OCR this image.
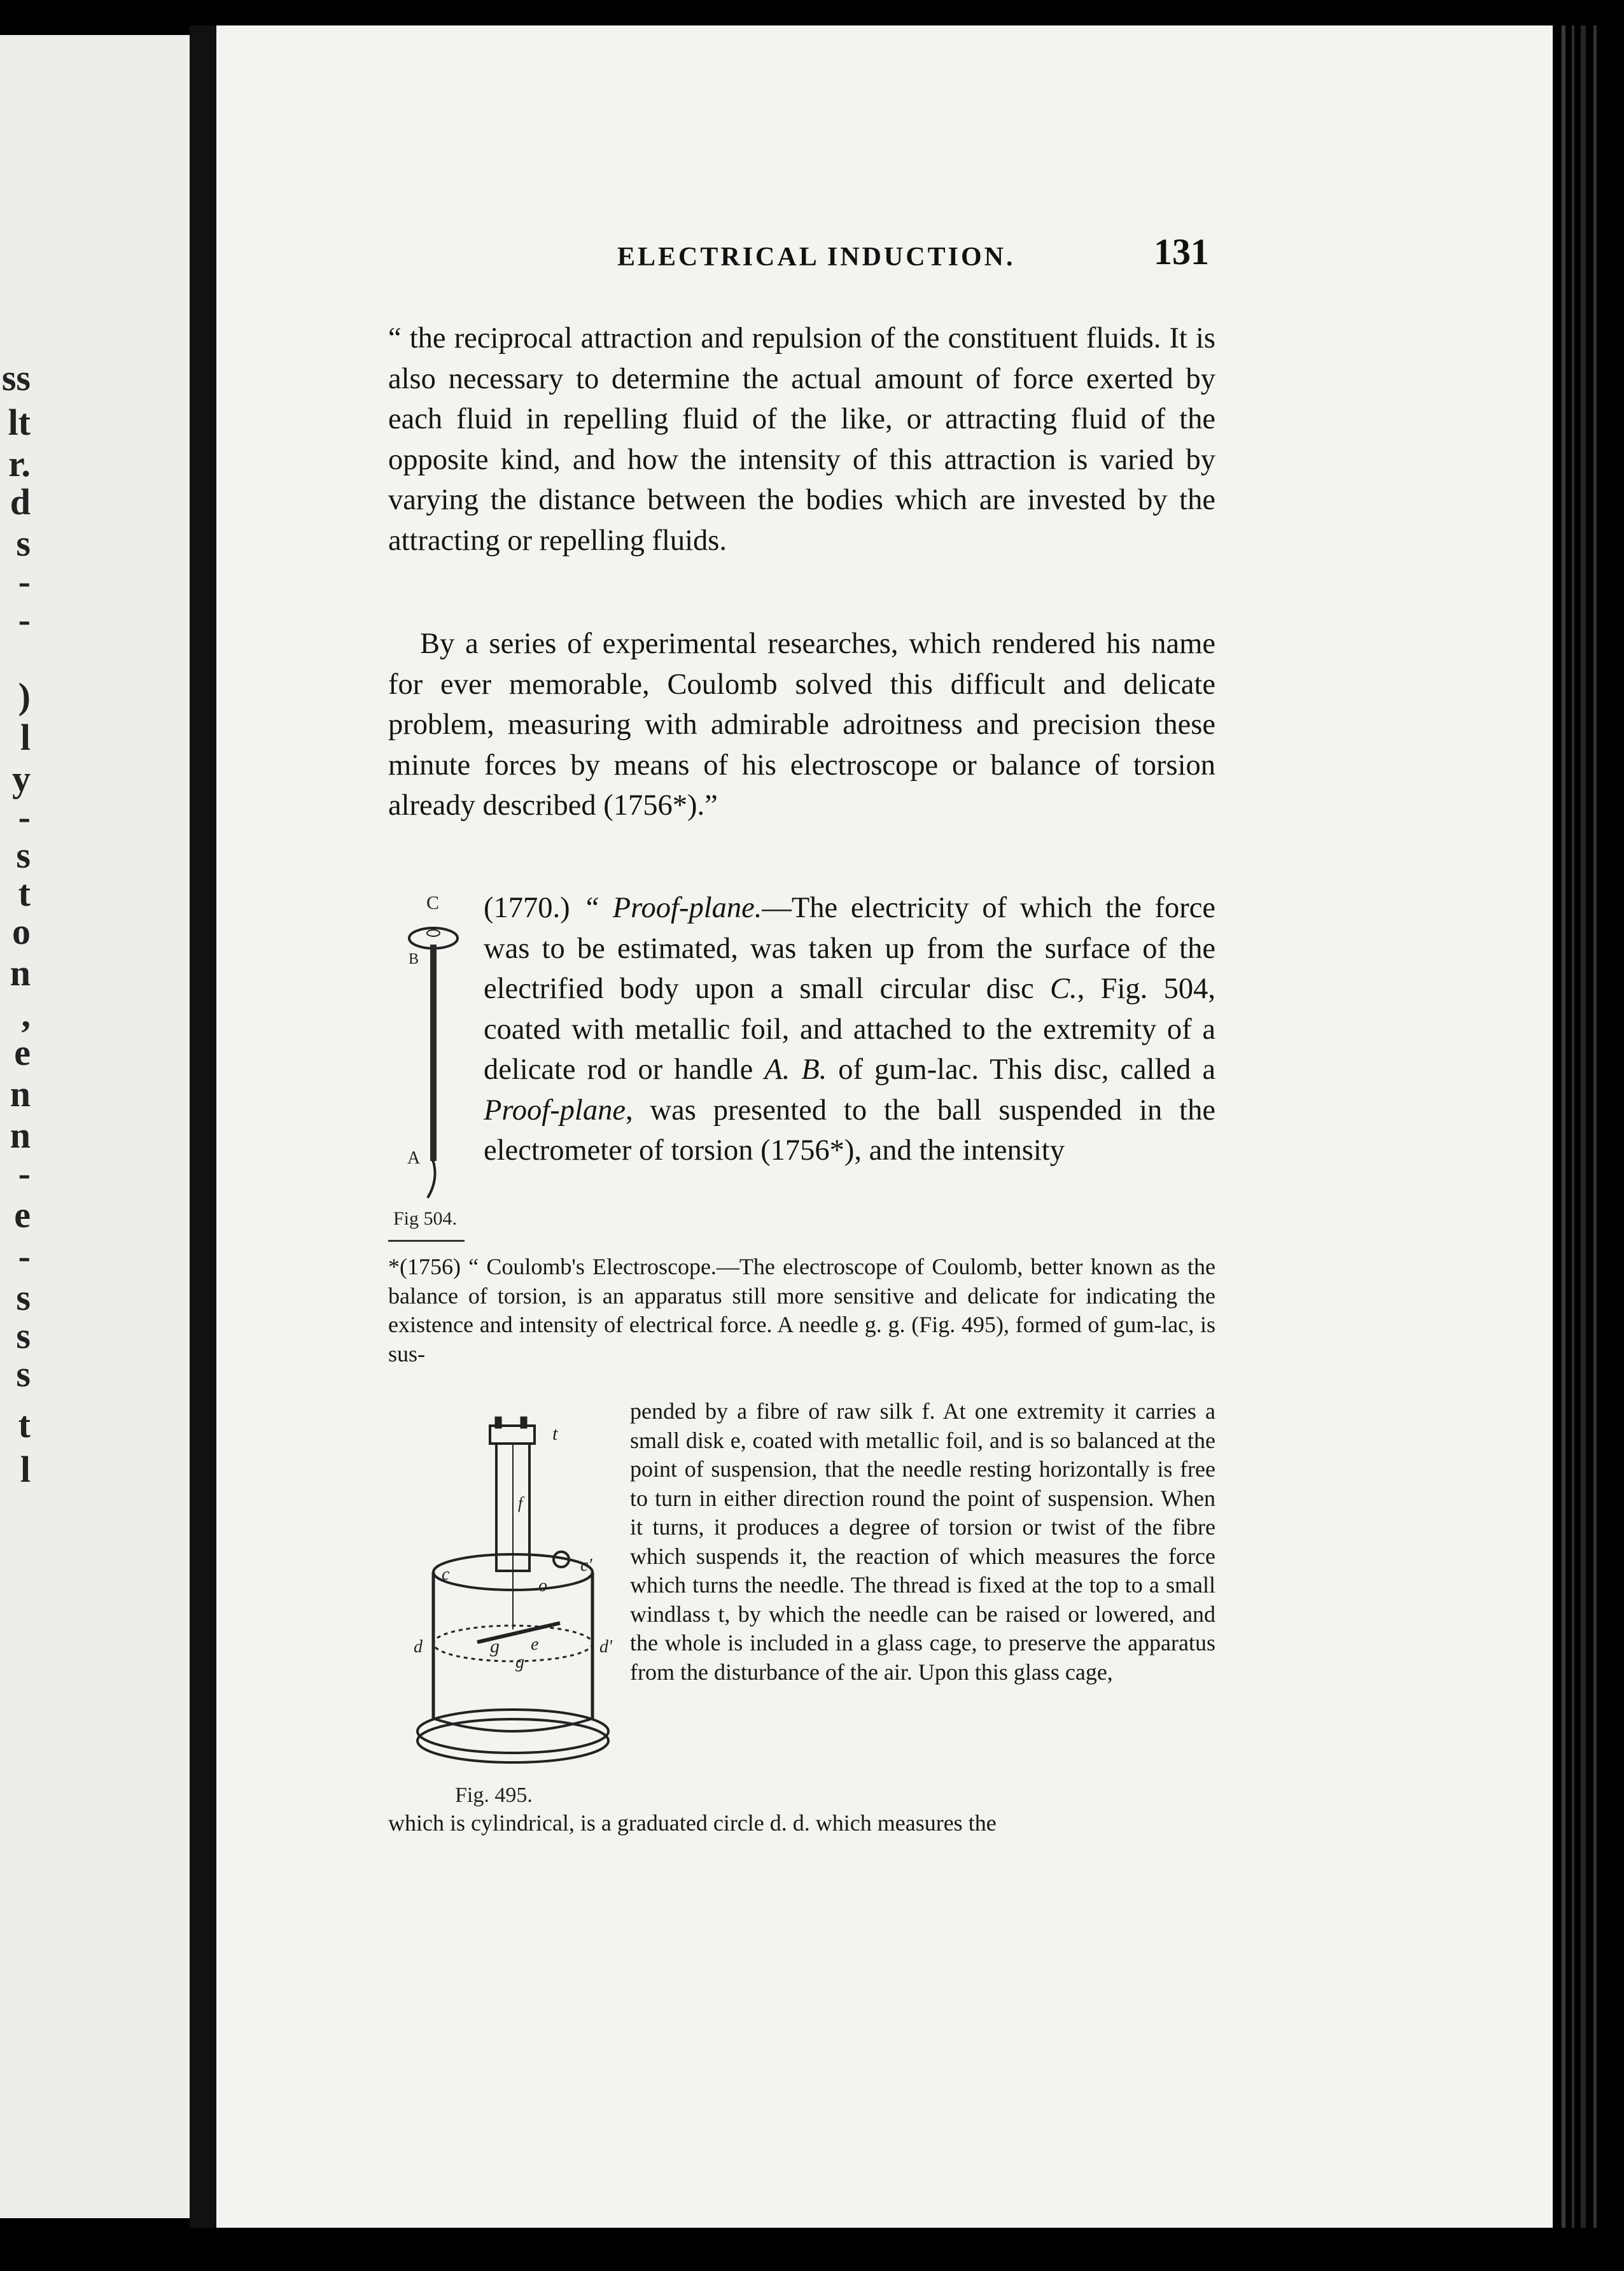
ss
lt
r.
d
s
-
-
)
l
y
-
s
t
o
n
,
e
n
n
-
e
-
s
s
s
t
l
ELECTRICAL INDUCTION.	131
“ the reciprocal attraction and repulsion of the constituent fluids. It is also necessary to determine the actual amount of force exerted by each fluid in repelling fluid of the like, or attracting fluid of the opposite kind, and how the intensity of this attraction is varied by varying the distance between the bodies which are invested by the attracting or repelling fluids.
By a series of experimental researches, which rendered his name for ever memorable, Coulomb solved this difficult and delicate problem, measuring with admirable adroitness and precision these minute forces by means of his electroscope or balance of torsion already described (1756*).”
C
B
A
Fig 504.
(1770.) “ Proof-plane.—The electricity of which the force was to be estimated, was taken up from the surface of the electrified body upon a small circular disc C., Fig. 504, coated with metallic foil, and attached to the extremity of a delicate rod or handle A. B. of gum-lac. This disc, called a Proof-plane, was presented to the ball suspended in the electrometer of torsion (1756*), and the intensity
*(1756) “ Coulomb's Electroscope.—The electroscope of Coulomb, better known as the balance of torsion, is an apparatus still more sensitive and delicate for indicating the existence and intensity of electrical force. A needle g. g. (Fig. 495), formed of gum-lac, is sus-
t
f
c
o
c'
d	d'
g e
g
Fig. 495.
pended by a fibre of raw silk f. At one extremity it carries a small disk e, coated with metallic foil, and is so balanced at the point of suspension, that the needle resting horizontally is free to turn in either direction round the point of suspension. When it turns, it produces a degree of torsion or twist of the fibre which suspends it, the reaction of which measures the force which turns the needle. The thread is fixed at the top to a small windlass t, by which the needle can be raised or lowered, and the whole is included in a glass cage, to preserve the apparatus from the disturbance of the air. Upon this glass cage,
which is cylindrical, is a graduated circle d. d. which measures the
